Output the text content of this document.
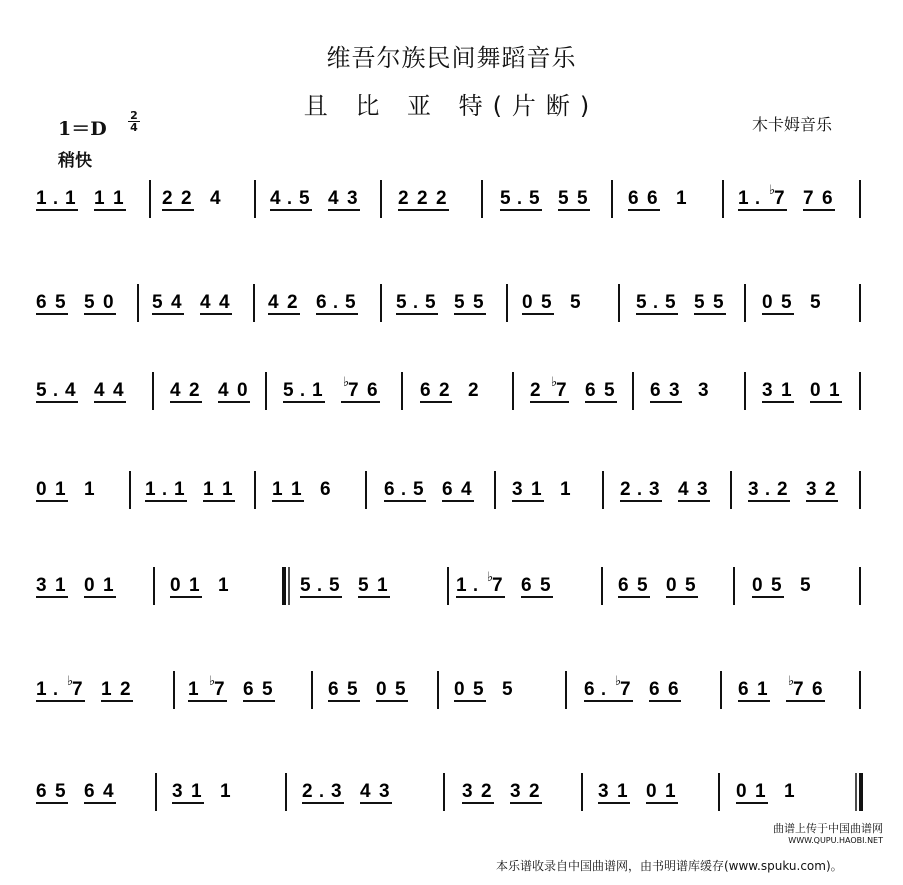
维吾尔族民间舞蹈音乐
且 比 亚 特(片断)
木卡姆音乐
1＝D
2
4
稍快
1 . 1 1 1 2 2 4	4 . 5 4 3 2 2 2	5 . 5 5 5 6 6 1	1 . ♭
7 7 6
6 5 5 0 5 4 4 4 4 2 6 . 5 5 . 5 5 5 0 5 5	5 . 5 5 5 0 5 5
5 . 4 4 4 4 2 4 0 5 . 1 ♭
7 6 6 2 2	2 ♭
7 6 5 6 3 3	3 1 0 1
0 1 1	1 . 1 1 1 1 1 6	6 . 5 6 4 3 1 1	2 . 3 4 3 3 . 2 3 2
3 1 0 1	0 1 1	5 . 5 5 1	1 . ♭
7 6 5	6 5 0 5	0 5 5
1 . ♭
7 1 2	1 ♭
7 6 5	6 5 0 5	0 5 5	6 . ♭
7 6 6	6 1 ♭
7 6
6 5 6 4	3 1 1	2 . 3 4 3	3 2 3 2	3 1 0 1	0 1 1
曲谱上传于中国曲谱网
WWW.QUPU.HAOBI.NET
本乐谱收录自中国曲谱网，由书明谱库缓存(www.spuku.com)。
